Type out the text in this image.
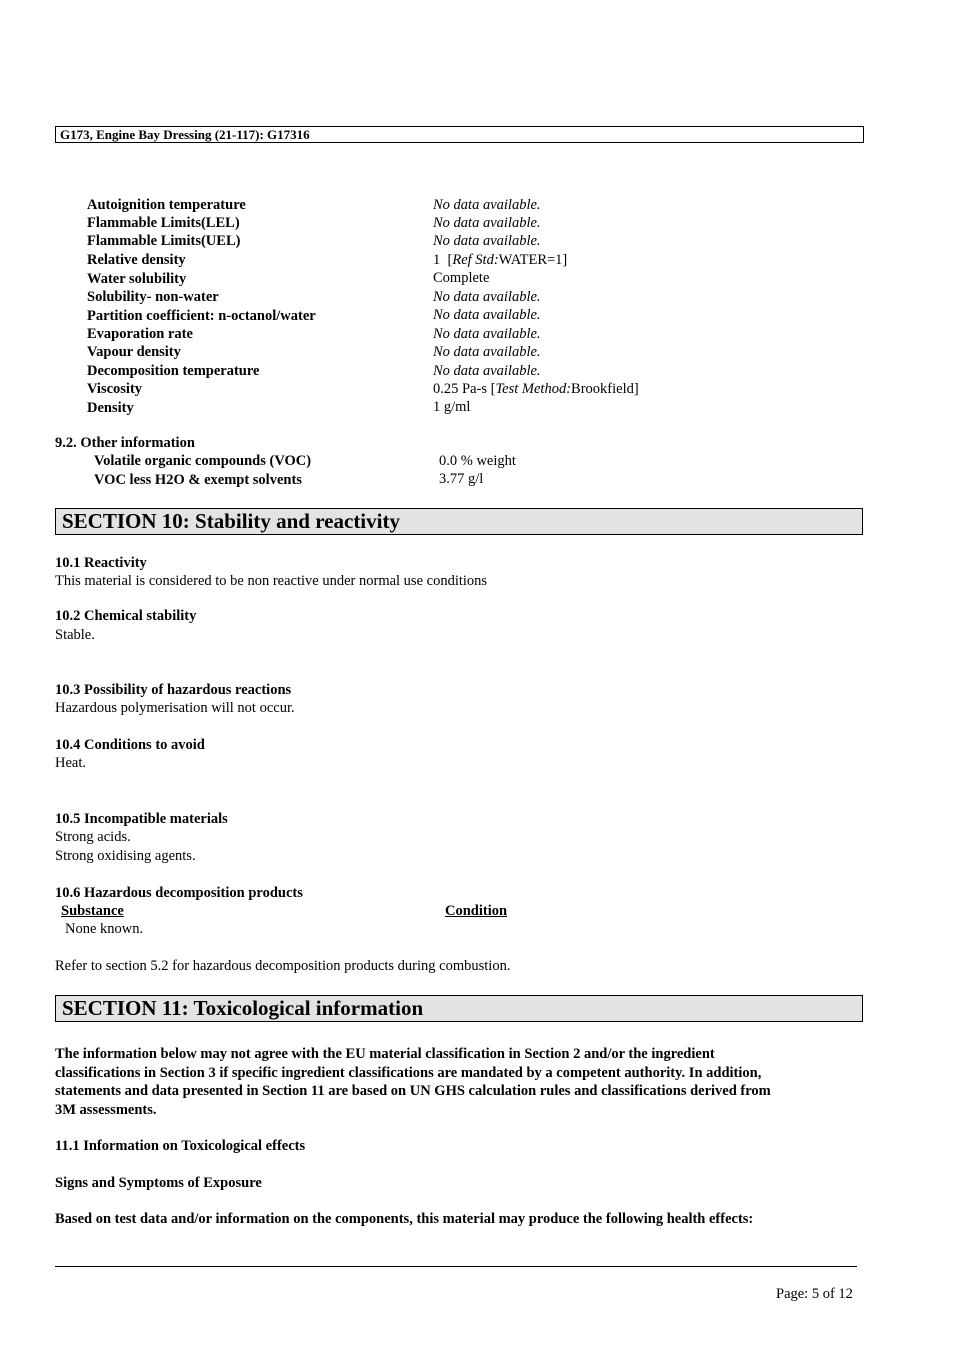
G173, Engine Bay Dressing (21-117): G17316
Autoignition temperature	No data available.
Flammable Limits(LEL)	No data available.
Flammable Limits(UEL)	No data available.
Relative density	1  [Ref Std:WATER=1]
Water solubility	Complete
Solubility- non-water	No data available.
Partition coefficient: n-octanol/water	No data available.
Evaporation rate	No data available.
Vapour density	No data available.
Decomposition temperature	No data available.
Viscosity	0.25 Pa-s [Test Method:Brookfield]
Density	1 g/ml
9.2. Other information
Volatile organic compounds (VOC)	0.0 % weight
VOC less H2O & exempt solvents	3.77 g/l
SECTION 10: Stability and reactivity
10.1 Reactivity
This material is considered to be non reactive under normal use conditions
10.2 Chemical stability
Stable.
10.3 Possibility of hazardous reactions
Hazardous polymerisation will not occur.
10.4 Conditions to avoid
Heat.
10.5 Incompatible materials
Strong acids.
Strong oxidising agents.
10.6 Hazardous decomposition products
Substance	Condition
None known.
Refer to section 5.2 for hazardous decomposition products during combustion.
SECTION 11: Toxicological information
The information below may not agree with the EU material classification in Section 2 and/or the ingredient
classifications in Section 3 if specific ingredient classifications are mandated by a competent authority. In addition,
statements and data presented in Section 11 are based on UN GHS calculation rules and classifications derived from
3M assessments.
11.1 Information on Toxicological effects
Signs and Symptoms of Exposure
Based on test data and/or information on the components, this material may produce the following health effects:
Page: 5 of 12
